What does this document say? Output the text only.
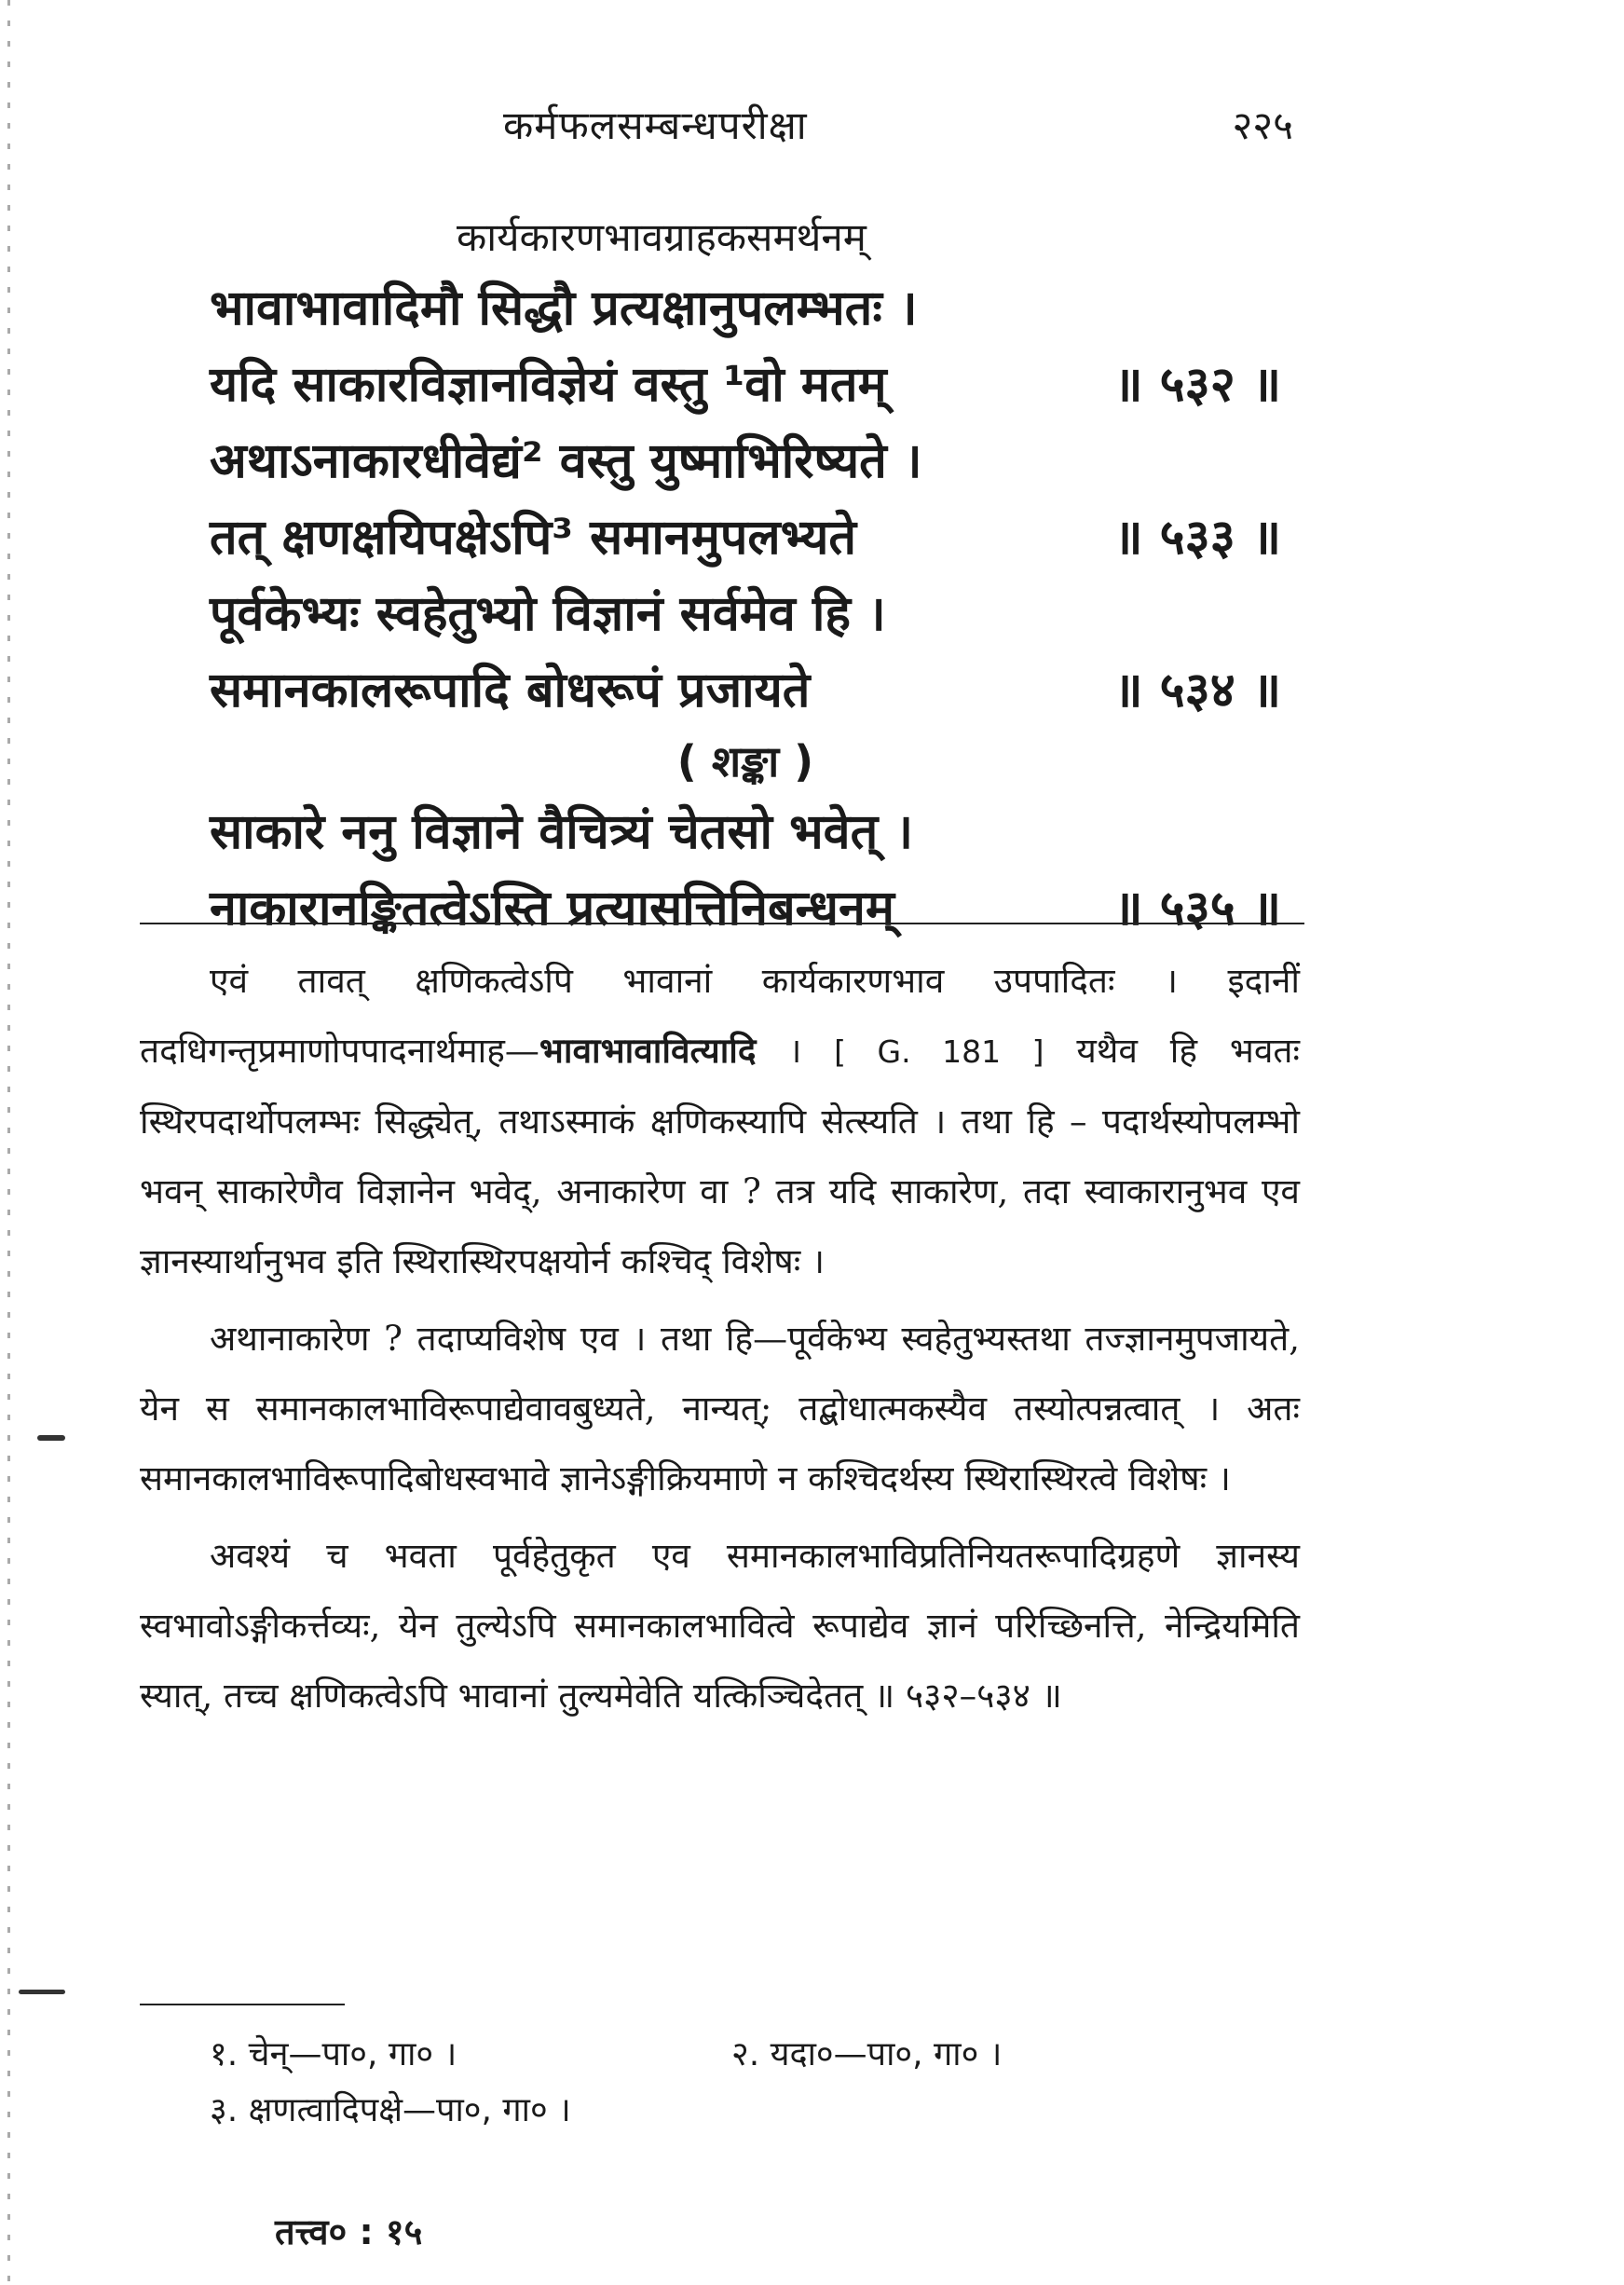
कर्मफलसम्बन्धपरीक्षा	२२५
कार्यकारणभावग्राहकसमर्थनम्
भावाभावादिमौ सिद्धौ प्रत्यक्षानुपलम्भतः ।
यदि साकारविज्ञानविज्ञेयं वस्तु ¹वो मतम्	॥ ५३२ ॥
अथाऽनाकारधीवेद्यं² वस्तु युष्माभिरिष्यते ।
तत् क्षणक्षयिपक्षेऽपि³ समानमुपलभ्यते	॥ ५३३ ॥
पूर्वकेभ्यः स्वहेतुभ्यो विज्ञानं सर्वमेव हि ।
समानकालरूपादि बोधरूपं प्रजायते	॥ ५३४ ॥
( शङ्का )
साकारे ननु विज्ञाने वैचित्र्यं चेतसो भवेत् ।
नाकारानङ्कितत्वेऽस्ति प्रत्यासत्तिनिबन्धनम्	॥ ५३५ ॥

एवं तावत् क्षणिकत्वेऽपि भावानां कार्यकारणभाव उपपादितः । इदानीं तदधिगन्तृप्रमाणोपपादनार्थमाह—भावाभावावित्यादि । [ G. 181 ] यथैव हि भवतः स्थिरपदार्थोपलम्भः सिद्ध्येत्, तथाऽस्माकं क्षणिकस्यापि सेत्स्यति । तथा हि – पदार्थस्योपलम्भो भवन् साकारेणैव विज्ञानेन भवेद्, अनाकारेण वा ? तत्र यदि साकारेण, तदा स्वाकारानुभव एव ज्ञानस्यार्थानुभव इति स्थिरास्थिरपक्षयोर्न कश्चिद् विशेषः ।

अथानाकारेण ? तदाप्यविशेष एव । तथा हि—पूर्वकेभ्य स्वहेतुभ्यस्तथा तज्ज्ञानमुपजायते, येन स समानकालभाविरूपाद्येवावबुध्यते, नान्यत्; तद्बोधात्मकस्यैव तस्योत्पन्नत्वात् । अतः समानकालभाविरूपादिबोधस्वभावे ज्ञानेऽङ्गीक्रियमाणे न कश्चिदर्थस्य स्थिरास्थिरत्वे विशेषः ।

अवश्यं च भवता पूर्वहेतुकृत एव समानकालभाविप्रतिनियतरूपादिग्रहणे ज्ञानस्य स्वभावोऽङ्गीकर्त्तव्यः, येन तुल्येऽपि समानकालभावित्वे रूपाद्येव ज्ञानं परिच्छिनत्ति, नेन्द्रियमिति स्यात्, तच्च क्षणिकत्वेऽपि भावानां तुल्यमेवेति यत्किञ्चिदेतत् ॥ ५३२–५३४ ॥

१. चेन्—पा०, गा० ।	२. यदा०—पा०, गा० ।
३. क्षणत्वादिपक्षे—पा०, गा० ।
तत्त्व० : १५
